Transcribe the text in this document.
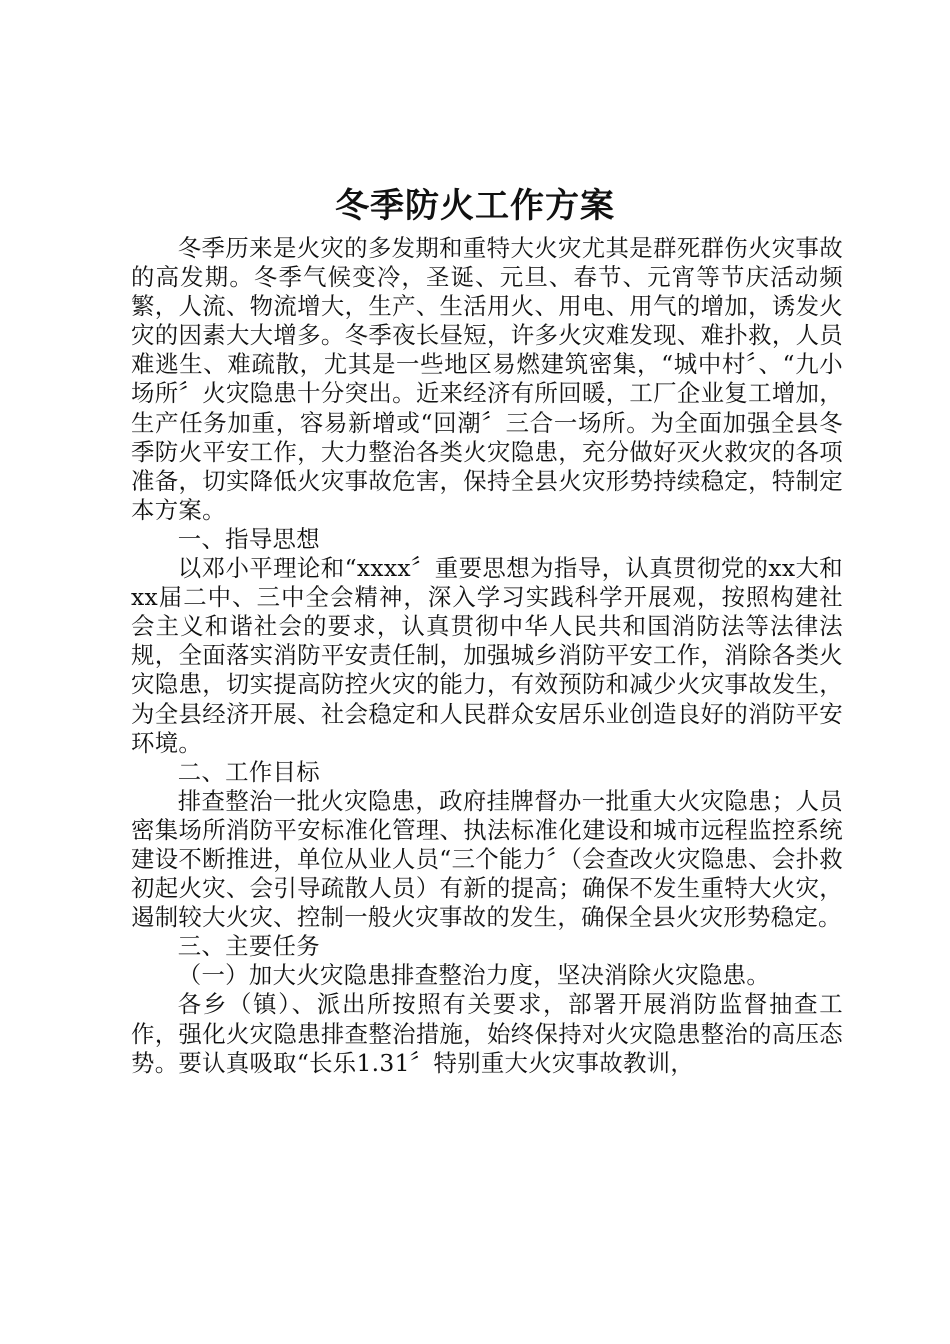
冬季防火工作方案

冬季历来是火灾的多发期和重特大火灾尤其是群死群伤火灾事故的高发期。冬季气候变冷，圣诞、元旦、春节、元宵等节庆活动频繁，人流、物流增大，生产、生活用火、用电、用气的增加，诱发火灾的因素大大增多。冬季夜长昼短，许多火灾难发现、难扑救，人员难逃生、难疏散，尤其是一些地区易燃建筑密集，“城中村〞、“九小场所〞火灾隐患十分突出。近来经济有所回暖，工厂企业复工增加，生产任务加重，容易新增或“回潮〞三合一场所。为全面加强全县冬季防火平安工作，大力整治各类火灾隐患，充分做好灭火救灾的各项准备，切实降低火灾事故危害，保持全县火灾形势持续稳定，特制定本方案。

一、指导思想

以邓小平理论和“xxxx〞重要思想为指导，认真贯彻党的xx大和xx届二中、三中全会精神，深入学习实践科学开展观，按照构建社会主义和谐社会的要求，认真贯彻中华人民共和国消防法等法律法规，全面落实消防平安责任制，加强城乡消防平安工作，消除各类火灾隐患，切实提高防控火灾的能力，有效预防和减少火灾事故发生，为全县经济开展、社会稳定和人民群众安居乐业创造良好的消防平安环境。

二、工作目标

排查整治一批火灾隐患，政府挂牌督办一批重大火灾隐患；人员密集场所消防平安标准化管理、执法标准化建设和城市远程监控系统建设不断推进，单位从业人员“三个能力〞（会查改火灾隐患、会扑救初起火灾、会引导疏散人员）有新的提高；确保不发生重特大火灾，遏制较大火灾、控制一般火灾事故的发生，确保全县火灾形势稳定。

三、主要任务

（一）加大火灾隐患排查整治力度，坚决消除火灾隐患。

各乡（镇）、派出所按照有关要求，部署开展消防监督抽查工作，强化火灾隐患排查整治措施，始终保持对火灾隐患整治的高压态势。要认真吸取“长乐1.31〞特别重大火灾事故教训，
